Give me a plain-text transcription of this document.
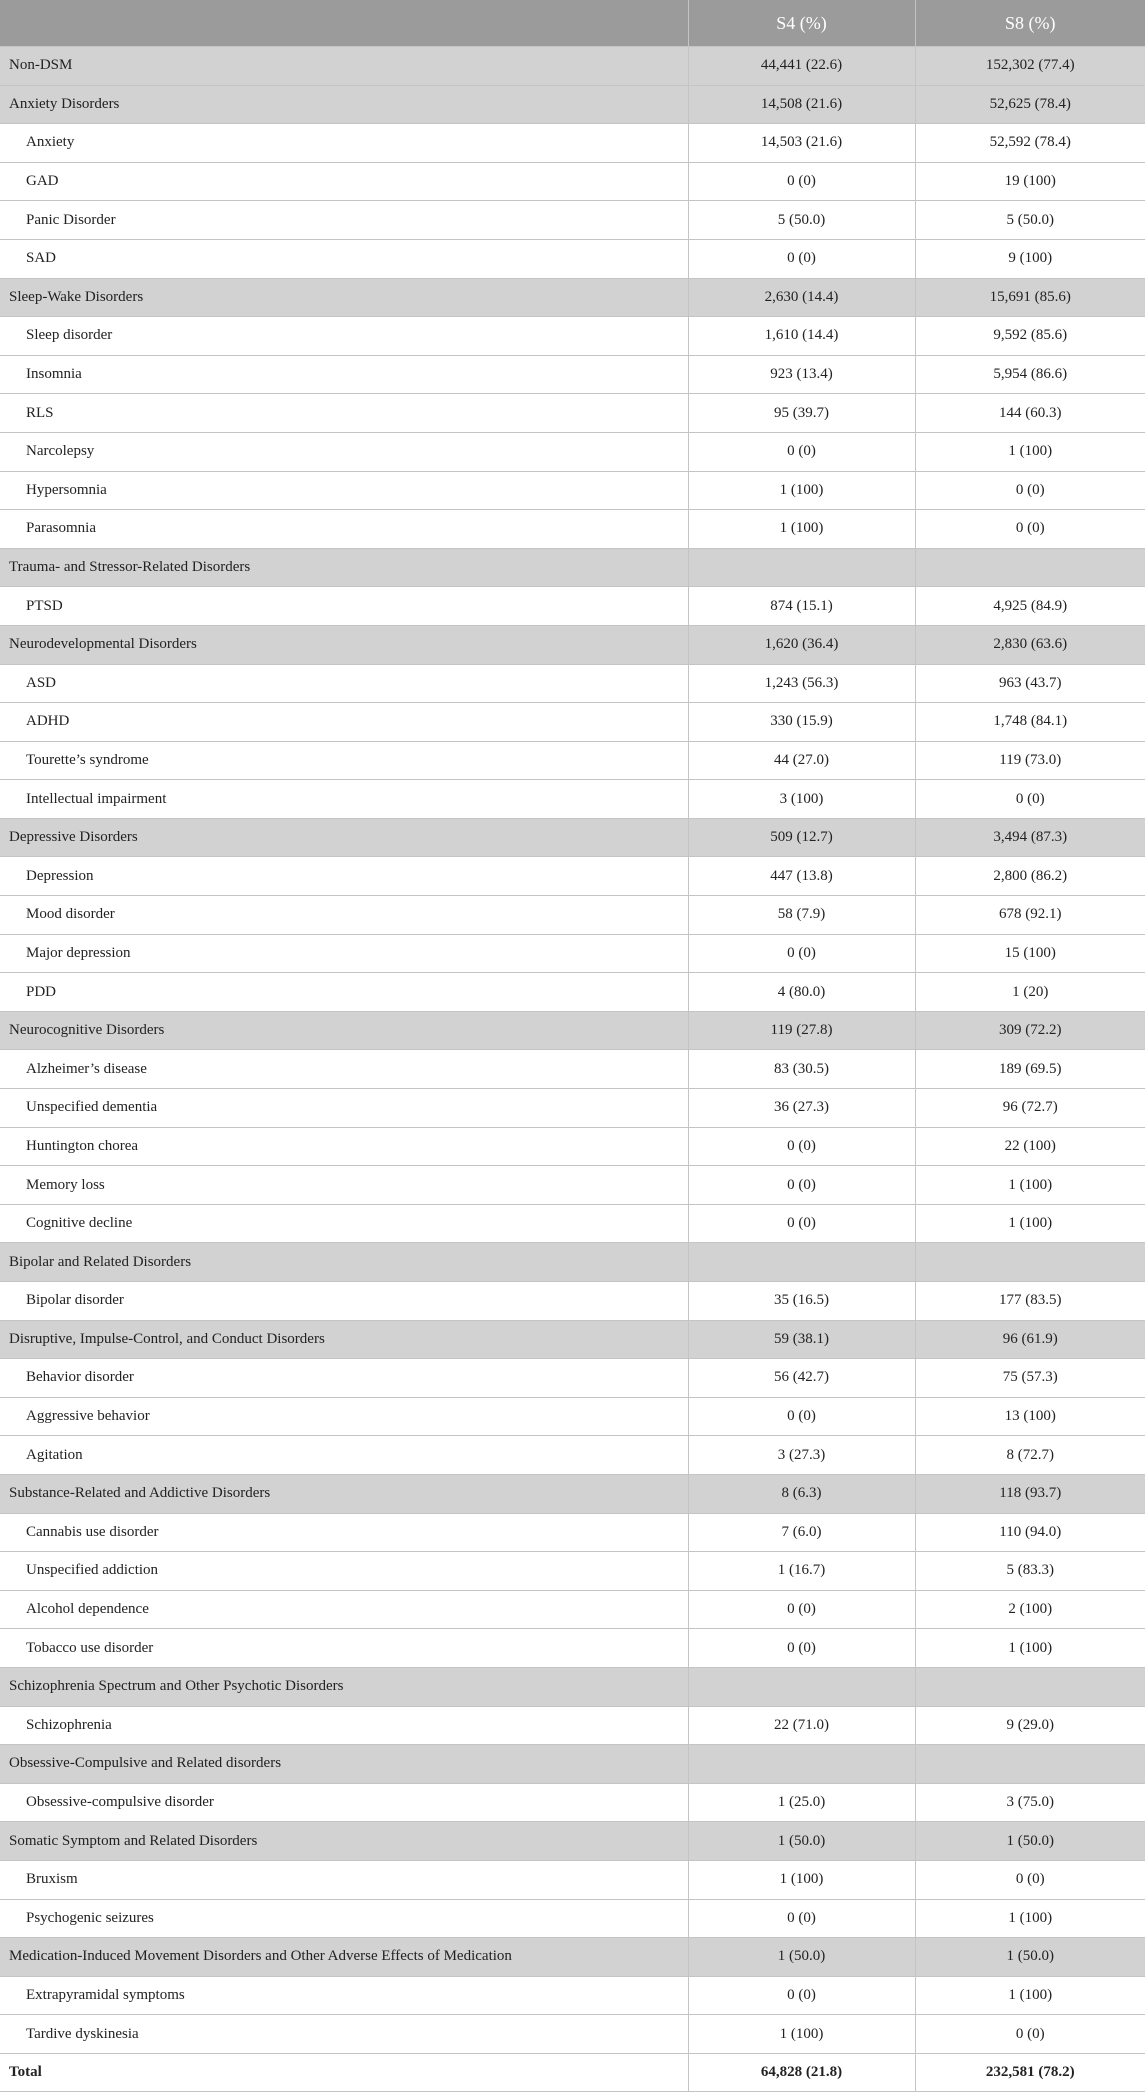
	S4 (%)	S8 (%)
Non-DSM	44,441 (22.6)	152,302 (77.4)
Anxiety Disorders	14,508 (21.6)	52,625 (78.4)
Anxiety	14,503 (21.6)	52,592 (78.4)
GAD	0 (0)	19 (100)
Panic Disorder	5 (50.0)	5 (50.0)
SAD	0 (0)	9 (100)
Sleep-Wake Disorders	2,630 (14.4)	15,691 (85.6)
Sleep disorder	1,610 (14.4)	9,592 (85.6)
Insomnia	923 (13.4)	5,954 (86.6)
RLS	95 (39.7)	144 (60.3)
Narcolepsy	0 (0)	1 (100)
Hypersomnia	1 (100)	0 (0)
Parasomnia	1 (100)	0 (0)
Trauma- and Stressor-Related Disorders		
PTSD	874 (15.1)	4,925 (84.9)
Neurodevelopmental Disorders	1,620 (36.4)	2,830 (63.6)
ASD	1,243 (56.3)	963 (43.7)
ADHD	330 (15.9)	1,748 (84.1)
Tourette’s syndrome	44 (27.0)	119 (73.0)
Intellectual impairment	3 (100)	0 (0)
Depressive Disorders	509 (12.7)	3,494 (87.3)
Depression	447 (13.8)	2,800 (86.2)
Mood disorder	58 (7.9)	678 (92.1)
Major depression	0 (0)	15 (100)
PDD	4 (80.0)	1 (20)
Neurocognitive Disorders	119 (27.8)	309 (72.2)
Alzheimer’s disease	83 (30.5)	189 (69.5)
Unspecified dementia	36 (27.3)	96 (72.7)
Huntington chorea	0 (0)	22 (100)
Memory loss	0 (0)	1 (100)
Cognitive decline	0 (0)	1 (100)
Bipolar and Related Disorders		
Bipolar disorder	35 (16.5)	177 (83.5)
Disruptive, Impulse-Control, and Conduct Disorders	59 (38.1)	96 (61.9)
Behavior disorder	56 (42.7)	75 (57.3)
Aggressive behavior	0 (0)	13 (100)
Agitation	3 (27.3)	8 (72.7)
Substance-Related and Addictive Disorders	8 (6.3)	118 (93.7)
Cannabis use disorder	7 (6.0)	110 (94.0)
Unspecified addiction	1 (16.7)	5 (83.3)
Alcohol dependence	0 (0)	2 (100)
Tobacco use disorder	0 (0)	1 (100)
Schizophrenia Spectrum and Other Psychotic Disorders		
Schizophrenia	22 (71.0)	9 (29.0)
Obsessive-Compulsive and Related disorders		
Obsessive-compulsive disorder	1 (25.0)	3 (75.0)
Somatic Symptom and Related Disorders	1 (50.0)	1 (50.0)
Bruxism	1 (100)	0 (0)
Psychogenic seizures	0 (0)	1 (100)
Medication-Induced Movement Disorders and Other Adverse Effects of Medication	1 (50.0)	1 (50.0)
Extrapyramidal symptoms	0 (0)	1 (100)
Tardive dyskinesia	1 (100)	0 (0)
Total	64,828 (21.8)	232,581 (78.2)
